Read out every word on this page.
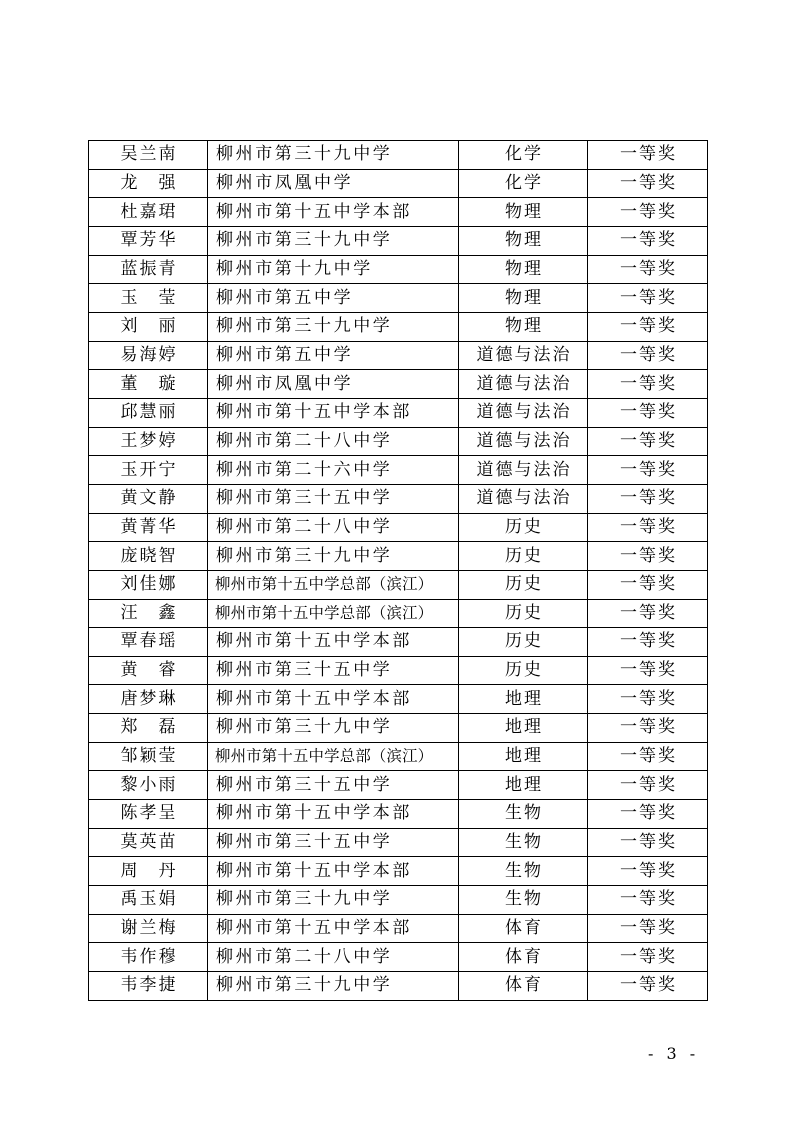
吴兰南	柳州市第三十九中学	化学	一等奖
龙　强	柳州市凤凰中学	化学	一等奖
杜嘉珺	柳州市第十五中学本部	物理	一等奖
覃芳华	柳州市第三十九中学	物理	一等奖
蓝振青	柳州市第十九中学	物理	一等奖
玉　莹	柳州市第五中学	物理	一等奖
刘　丽	柳州市第三十九中学	物理	一等奖
易海婷	柳州市第五中学	道德与法治	一等奖
董　璇	柳州市凤凰中学	道德与法治	一等奖
邱慧丽	柳州市第十五中学本部	道德与法治	一等奖
王梦婷	柳州市第二十八中学	道德与法治	一等奖
玉开宁	柳州市第二十六中学	道德与法治	一等奖
黄文静	柳州市第三十五中学	道德与法治	一等奖
黄菁华	柳州市第二十八中学	历史	一等奖
庞晓智	柳州市第三十九中学	历史	一等奖
刘佳娜	柳州市第十五中学总部（滨江）	历史	一等奖
汪　鑫	柳州市第十五中学总部（滨江）	历史	一等奖
覃春瑶	柳州市第十五中学本部	历史	一等奖
黄　睿	柳州市第三十五中学	历史	一等奖
唐梦琳	柳州市第十五中学本部	地理	一等奖
郑　磊	柳州市第三十九中学	地理	一等奖
邹颖莹	柳州市第十五中学总部（滨江）	地理	一等奖
黎小雨	柳州市第三十五中学	地理	一等奖
陈孝呈	柳州市第十五中学本部	生物	一等奖
莫英苗	柳州市第三十五中学	生物	一等奖
周　丹	柳州市第十五中学本部	生物	一等奖
禹玉娟	柳州市第三十九中学	生物	一等奖
谢兰梅	柳州市第十五中学本部	体育	一等奖
韦作穆	柳州市第二十八中学	体育	一等奖
韦李捷	柳州市第三十九中学	体育	一等奖
- 3 -
